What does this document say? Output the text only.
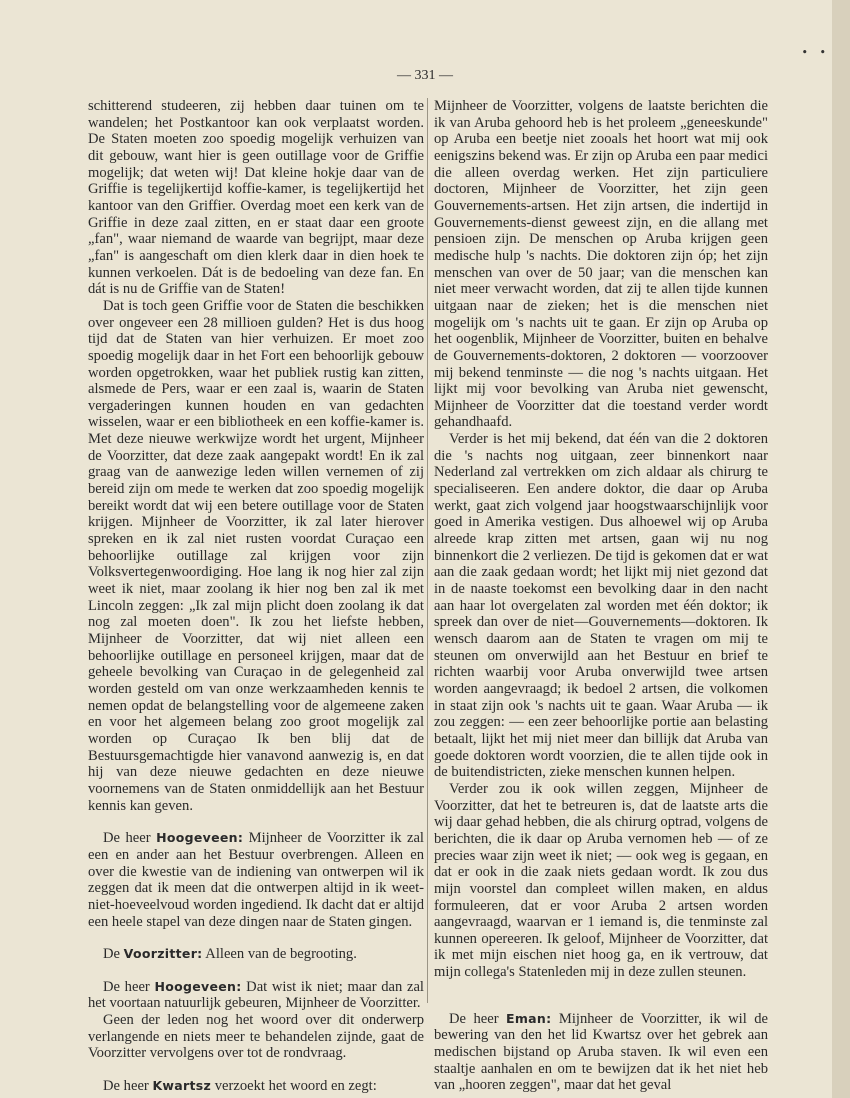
• •
— 331 —

schitterend studeeren, zij hebben daar tuinen om te wandelen; het Postkantoor kan ook verplaatst worden. De Staten moeten zoo spoedig mogelijk verhuizen van dit gebouw, want hier is geen outillage voor de Griffie mogelijk; dat weten wij! Dat kleine hokje daar van de Griffie is tegelijkertijd koffie-kamer, is tegelijkertijd het kantoor van den Griffier. Overdag moet een kerk van de Griffie in deze zaal zitten, en er staat daar een groote „fan", waar niemand de waarde van begrijpt, maar deze „fan" is aangeschaft om dien klerk daar in dien hoek te kunnen verkoelen. Dát is de bedoeling van deze fan. En dát is nu de Griffie van de Staten!

Dat is toch geen Griffie voor de Staten die beschikken over ongeveer een 28 millioen gulden? Het is dus hoog tijd dat de Staten van hier verhuizen. Er moet zoo spoedig mogelijk daar in het Fort een behoorlijk gebouw worden opgetrokken, waar het publiek rustig kan zitten, alsmede de Pers, waar er een zaal is, waarin de Staten vergaderingen kunnen houden en van gedachten wisselen, waar er een bibliotheek en een koffie-kamer is. Met deze nieuwe werkwijze wordt het urgent, Mijnheer de Voorzitter, dat deze zaak aangepakt wordt! En ik zal graag van de aanwezige leden willen vernemen of zij bereid zijn om mede te werken dat zoo spoedig mogelijk bereikt wordt dat wij een betere outillage voor de Staten krijgen. Mijnheer de Voorzitter, ik zal later hierover spreken en ik zal niet rusten voordat Curaçao een behoorlijke outillage zal krijgen voor zijn Volksvertegenwoordiging. Hoe lang ik nog hier zal zijn weet ik niet, maar zoolang ik hier nog ben zal ik met Lincoln zeggen: „Ik zal mijn plicht doen zoolang ik dat nog zal moeten doen". Ik zou het liefste hebben, Mijnheer de Voorzitter, dat wij niet alleen een behoorlijke outillage en personeel krijgen, maar dat de geheele bevolking van Curaçao in de gelegenheid zal worden gesteld om van onze werkzaamheden kennis te nemen opdat de belangstelling voor de algemeene zaken en voor het algemeen belang zoo groot mogelijk zal worden op Curaçao Ik ben blij dat de Bestuursgemachtigde hier vanavond aanwezig is, en dat hij van deze nieuwe gedachten en deze nieuwe voornemens van de Staten onmiddellijk aan het Bestuur kennis kan geven.

De heer Hoogeveen: Mijnheer de Voorzitter ik zal een en ander aan het Bestuur overbrengen. Alleen en over die kwestie van de indiening van ontwerpen wil ik zeggen dat ik meen dat die ontwerpen altijd in ik weet-niet-hoeveelvoud worden ingediend. Ik dacht dat er altijd een heele stapel van deze dingen naar de Staten gingen.

De Voorzitter: Alleen van de begrooting.

De heer Hoogeveen: Dat wist ik niet; maar dan zal het voortaan natuurlijk gebeuren, Mijnheer de Voorzitter.

Geen der leden nog het woord over dit onderwerp verlangende en niets meer te behandelen zijnde, gaat de Voorzitter vervolgens over tot de rondvraag.

De heer Kwartsz verzoekt het woord en zegt:

Mijnheer de Voorzitter, volgens de laatste berichten die ik van Aruba gehoord heb is het proleem „geneeskunde" op Aruba een beetje niet zooals het hoort wat mij ook eenigszins bekend was. Er zijn op Aruba een paar medici die alleen overdag werken. Het zijn particuliere doctoren, Mijnheer de Voorzitter, het zijn geen Gouvernements-artsen. Het zijn artsen, die indertijd in Gouvernements-dienst geweest zijn, en die allang met pensioen zijn. De menschen op Aruba krijgen geen medische hulp 's nachts. Die doktoren zijn óp; het zijn menschen van over de 50 jaar; van die menschen kan niet meer verwacht worden, dat zij te allen tijde kunnen uitgaan naar de zieken; het is die menschen niet mogelijk om 's nachts uit te gaan. Er zijn op Aruba op het oogenblik, Mijnheer de Voorzitter, buiten en behalve de Gouvernements-doktoren, 2 doktoren — voorzoover mij bekend tenminste — die nog 's nachts uitgaan. Het lijkt mij voor bevolking van Aruba niet gewenscht, Mijnheer de Voorzitter dat die toestand verder wordt gehandhaafd.

Verder is het mij bekend, dat één van die 2 doktoren die 's nachts nog uitgaan, zeer binnenkort naar Nederland zal vertrekken om zich aldaar als chirurg te specialiseeren. Een andere doktor, die daar op Aruba werkt, gaat zich volgend jaar hoogstwaarschijnlijk voor goed in Amerika vestigen. Dus alhoewel wij op Aruba alreede krap zitten met artsen, gaan wij nu nog binnenkort die 2 verliezen. De tijd is gekomen dat er wat aan die zaak gedaan wordt; het lijkt mij niet gezond dat in de naaste toekomst een bevolking daar in den nacht aan haar lot overgelaten zal worden met één doktor; ik spreek dan over de niet—Gouvernements—doktoren. Ik wensch daarom aan de Staten te vragen om mij te steunen om onverwijld aan het Bestuur en brief te richten waarbij voor Aruba onverwijld twee artsen worden aangevraagd; ik bedoel 2 artsen, die volkomen in staat zijn ook 's nachts uit te gaan. Waar Aruba — ik zou zeggen: — een zeer behoorlijke portie aan belasting betaalt, lijkt het mij niet meer dan billijk dat Aruba van goede doktoren wordt voorzien, die te allen tijde ook in de buitendistricten, zieke menschen kunnen helpen.

Verder zou ik ook willen zeggen, Mijnheer de Voorzitter, dat het te betreuren is, dat de laatste arts die wij daar gehad hebben, die als chirurg optrad, volgens de berichten, die ik daar op Aruba vernomen heb — of ze precies waar zijn weet ik niet; — ook weg is gegaan, en dat er ook in die zaak niets gedaan wordt. Ik zou dus mijn voorstel dan compleet willen maken, en aldus formuleeren, dat er voor Aruba 2 artsen worden aangevraagd, waarvan er 1 iemand is, die tenminste zal kunnen opereeren. Ik geloof, Mijnheer de Voorzitter, dat ik met mijn eischen niet hoog ga, en ik vertrouw, dat mijn collega's Statenleden mij in deze zullen steunen.

De heer Eman: Mijnheer de Voorzitter, ik wil de bewering van den het lid Kwartsz over het gebrek aan medischen bijstand op Aruba staven. Ik wil even een staaltje aanhalen en om te bewijzen dat ik het niet heb van „hooren zeggen", maar dat het geval
